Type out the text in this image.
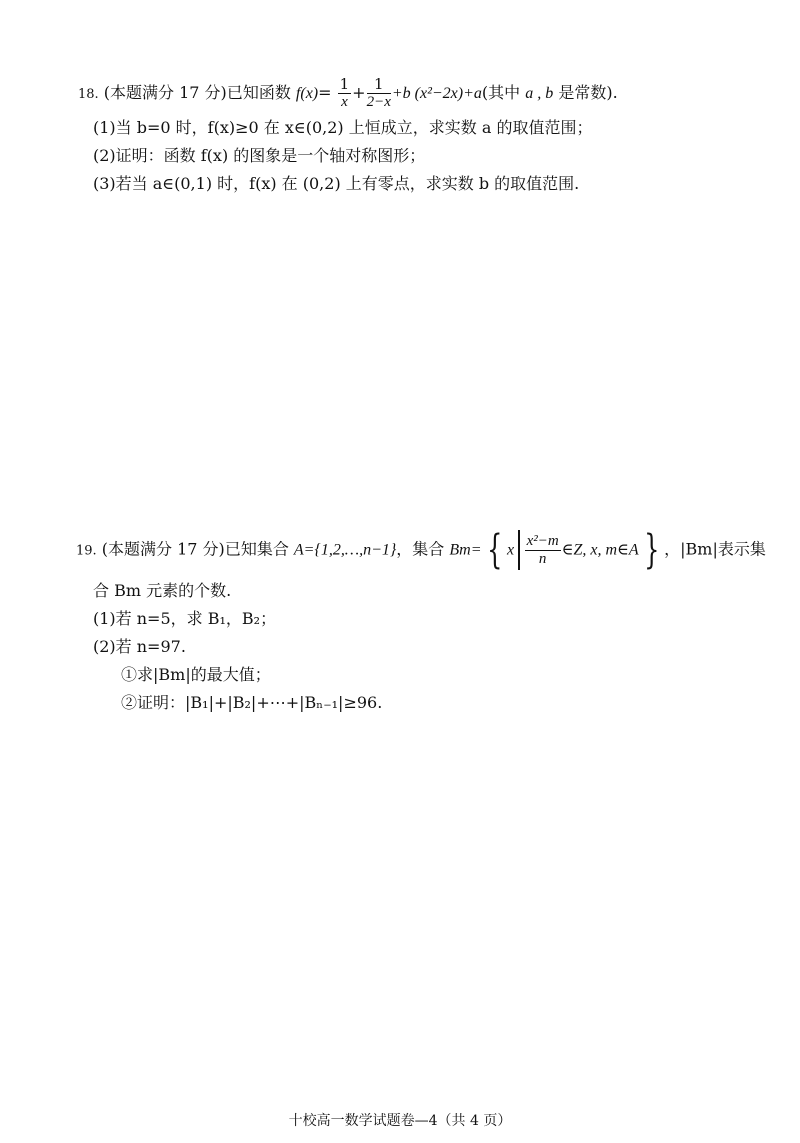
18. (本题满分 17 分)已知函数 $f(x)= \frac{1}{x} + \frac{1}{2-x} +b$ (x²−2x)+a(其中 a , b 是常数).
(1)当 b=0 时，f(x)≥0 在 x∈(0,2) 上恒成立，求实数 a 的取值范围；
(2)证明：函数 f(x) 的图象是一个轴对称图形；
(3)若当 a∈(0,1) 时，f(x) 在 (0,2) 上有零点，求实数 b 的取值范围.
19. (本题满分 17 分)已知集合 A={1,2,…,n−1}，集合 Bm= { x $\frac{\text{x²−m}}{n}$ ∈Z, x, m∈A } ，|Bm|表示集
合 Bm 元素的个数.
(1)若 n=5，求 B₁，B₂；
(2)若 n=97.
①求|Bm|的最大值；
②证明：|B₁|+|B₂|+⋯+|Bₙ₋₁|≥96.
十校高一数学试题卷—4（共 4 页）
